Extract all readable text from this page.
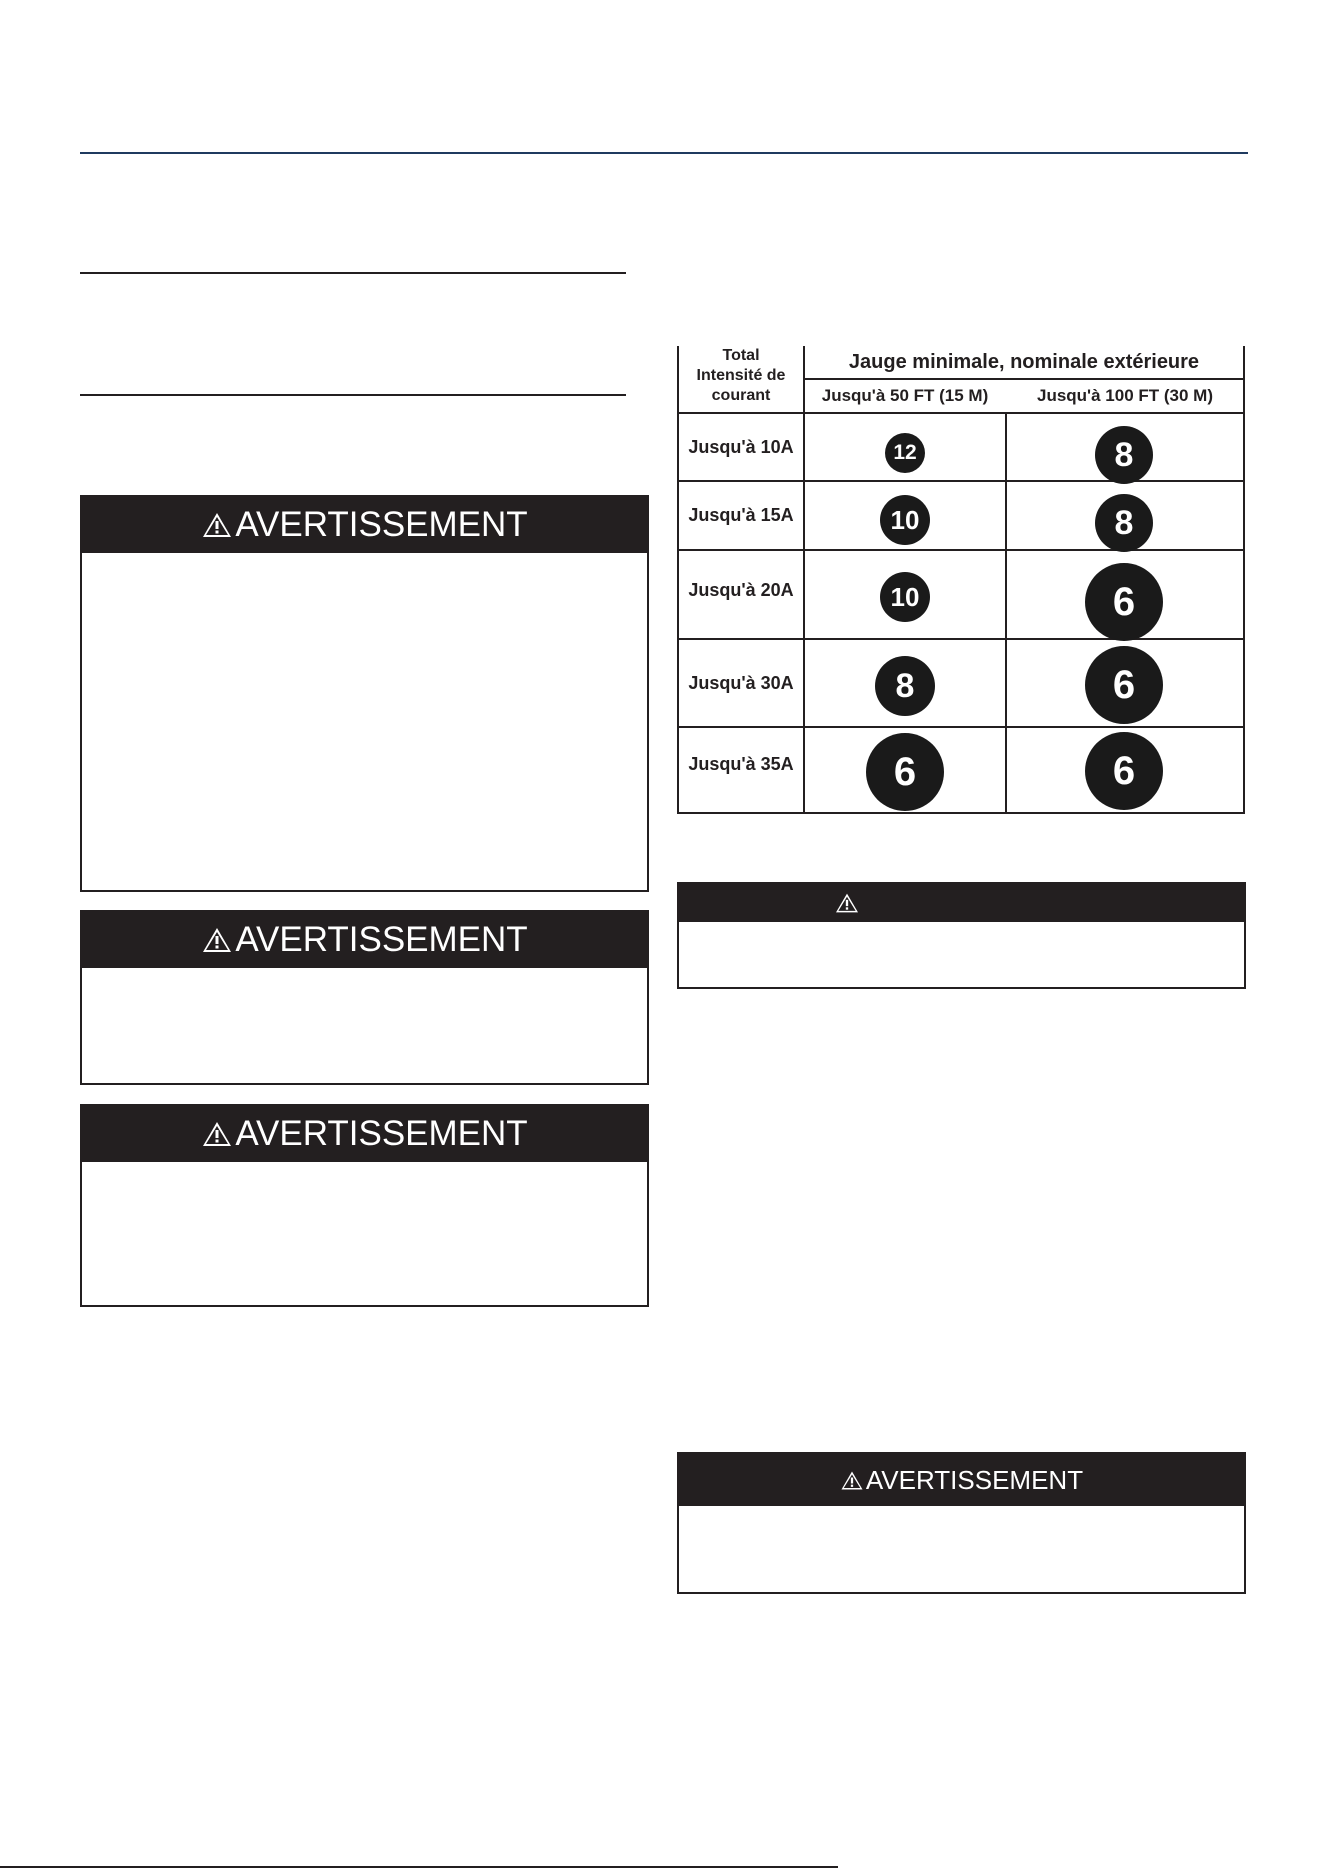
AVERTISSEMENT
AVERTISSEMENT
AVERTISSEMENT
Total
Intensité de
courant
Jauge minimale, nominale extérieure
Jusqu'à 50 FT (15 M)	Jusqu'à 100 FT (30 M)
Jusqu'à 10A
Jusqu'à 15A
Jusqu'à 20A
Jusqu'à 30A
Jusqu'à 35A
12
10
10
8
6
8
8
6
6
6
AVERTISSEMENT
